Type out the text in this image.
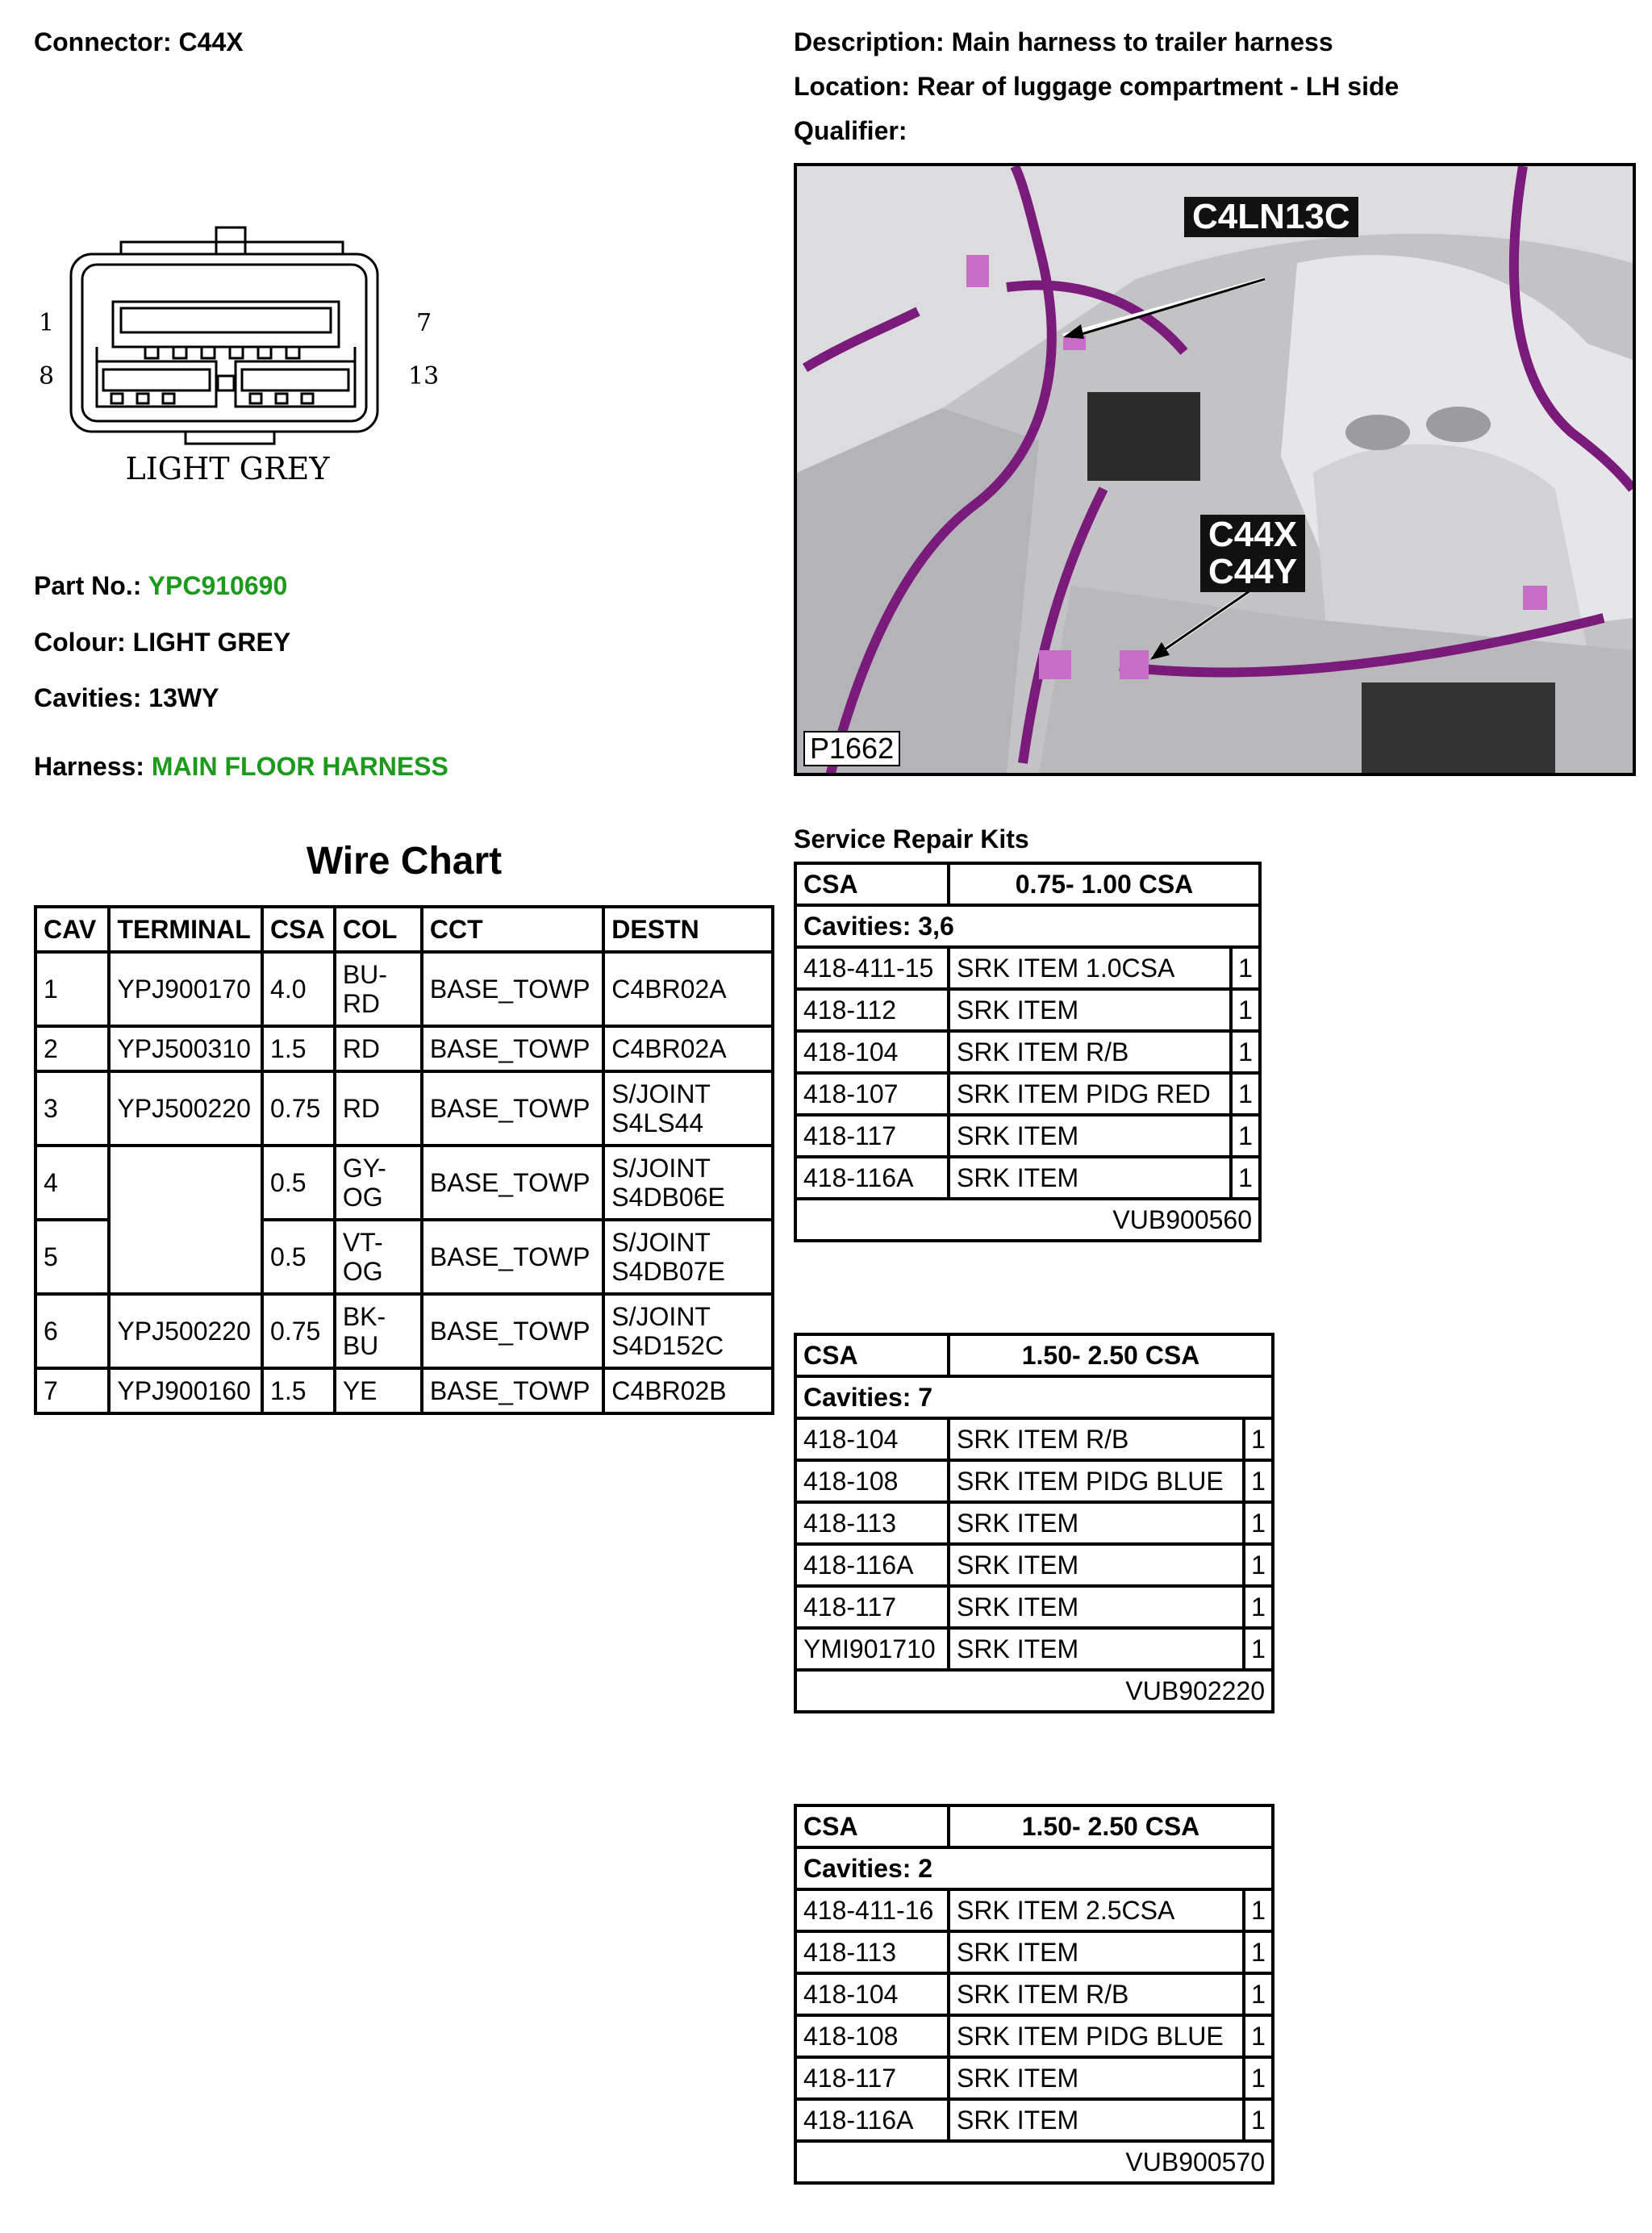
Connector: C44X	Description: Main harness to trailer harness
Location: Rear of luggage compartment - LH side
Qualifier:
1
8
7
13
LIGHT GREY
Part No.: YPC910690
Colour: LIGHT GREY
Cavities: 13WY
Harness: MAIN FLOOR HARNESS
C4LN13C
C44X
C44Y
P1662
Wire Chart
CAV	TERMINAL	CSA	COL	CCT	DESTN
1	YPJ900170	4.0	BU-RD	BASE_TOWP	C4BR02A
2	YPJ500310	1.5	RD	BASE_TOWP	C4BR02A
3	YPJ500220	0.75	RD	BASE_TOWP	S/JOINT S4LS44
4		0.5	GY-OG	BASE_TOWP	S/JOINT S4DB06E
5		0.5	VT-OG	BASE_TOWP	S/JOINT S4DB07E
6	YPJ500220	0.75	BK-BU	BASE_TOWP	S/JOINT S4D152C
7	YPJ900160	1.5	YE	BASE_TOWP	C4BR02B
Service Repair Kits
CSA	0.75- 1.00 CSA	
Cavities: 3,6		
418-411-15	SRK ITEM 1.0CSA	1
418-112	SRK ITEM	1
418-104	SRK ITEM R/B	1
418-107	SRK ITEM PIDG RED	1
418-117	SRK ITEM	1
418-116A	SRK ITEM	1
VUB900560		
CSA	1.50- 2.50 CSA	
Cavities: 7		
418-104	SRK ITEM R/B	1
418-108	SRK ITEM PIDG BLUE	1
418-113	SRK ITEM	1
418-116A	SRK ITEM	1
418-117	SRK ITEM	1
YMI901710	SRK ITEM	1
VUB902220		
CSA	1.50- 2.50 CSA	
Cavities: 2		
418-411-16	SRK ITEM 2.5CSA	1
418-113	SRK ITEM	1
418-104	SRK ITEM R/B	1
418-108	SRK ITEM PIDG BLUE	1
418-117	SRK ITEM	1
418-116A	SRK ITEM	1
VUB900570		
